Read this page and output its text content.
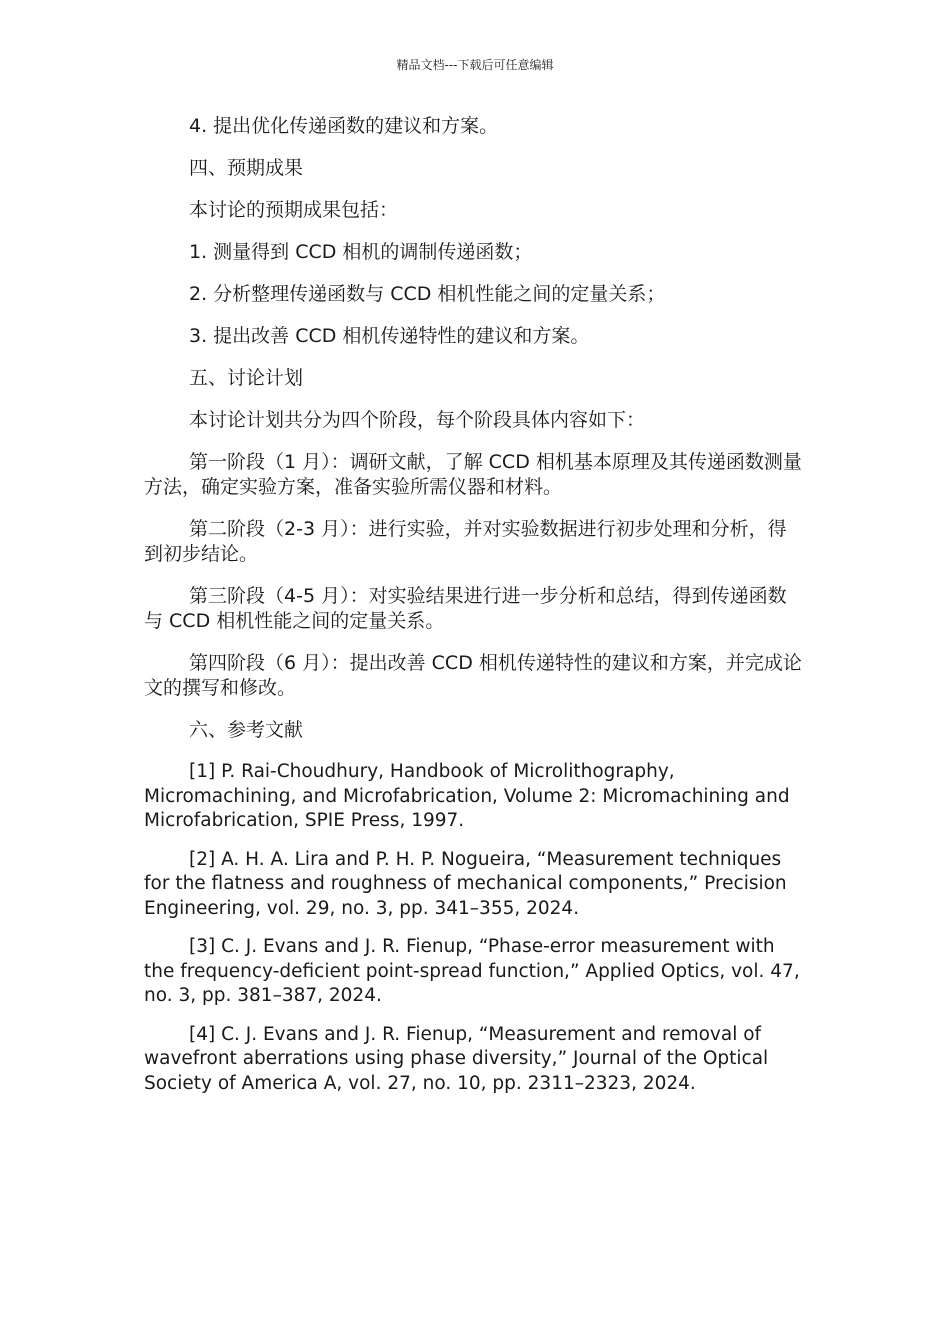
精品文档---下载后可任意编辑

4. 提出优化传递函数的建议和方案。

四、预期成果

本讨论的预期成果包括：

1. 测量得到 CCD 相机的调制传递函数；

2. 分析整理传递函数与 CCD 相机性能之间的定量关系；

3. 提出改善 CCD 相机传递特性的建议和方案。

五、讨论计划

本讨论计划共分为四个阶段，每个阶段具体内容如下：

第一阶段（1 月）：调研文献，了解 CCD 相机基本原理及其传递函数测量方法，确定实验方案，准备实验所需仪器和材料。

第二阶段（2-3 月）：进行实验，并对实验数据进行初步处理和分析，得到初步结论。

第三阶段（4-5 月）：对实验结果进行进一步分析和总结，得到传递函数与 CCD 相机性能之间的定量关系。

第四阶段（6 月）：提出改善 CCD 相机传递特性的建议和方案，并完成论文的撰写和修改。

六、参考文献

[1] P. Rai-Choudhury, Handbook of Microlithography, Micromachining, and Microfabrication, Volume 2: Micromachining and Microfabrication, SPIE Press, 1997.

[2] A. H. A. Lira and P. H. P. Nogueira, “Measurement techniques for the flatness and roughness of mechanical components,” Precision Engineering, vol. 29, no. 3, pp. 341–355, 2024.

[3] C. J. Evans and J. R. Fienup, “Phase-error measurement with the frequency-deficient point-spread function,” Applied Optics, vol. 47, no. 3, pp. 381–387, 2024.

[4] C. J. Evans and J. R. Fienup, “Measurement and removal of wavefront aberrations using phase diversity,” Journal of the Optical Society of America A, vol. 27, no. 10, pp. 2311–2323, 2024.
